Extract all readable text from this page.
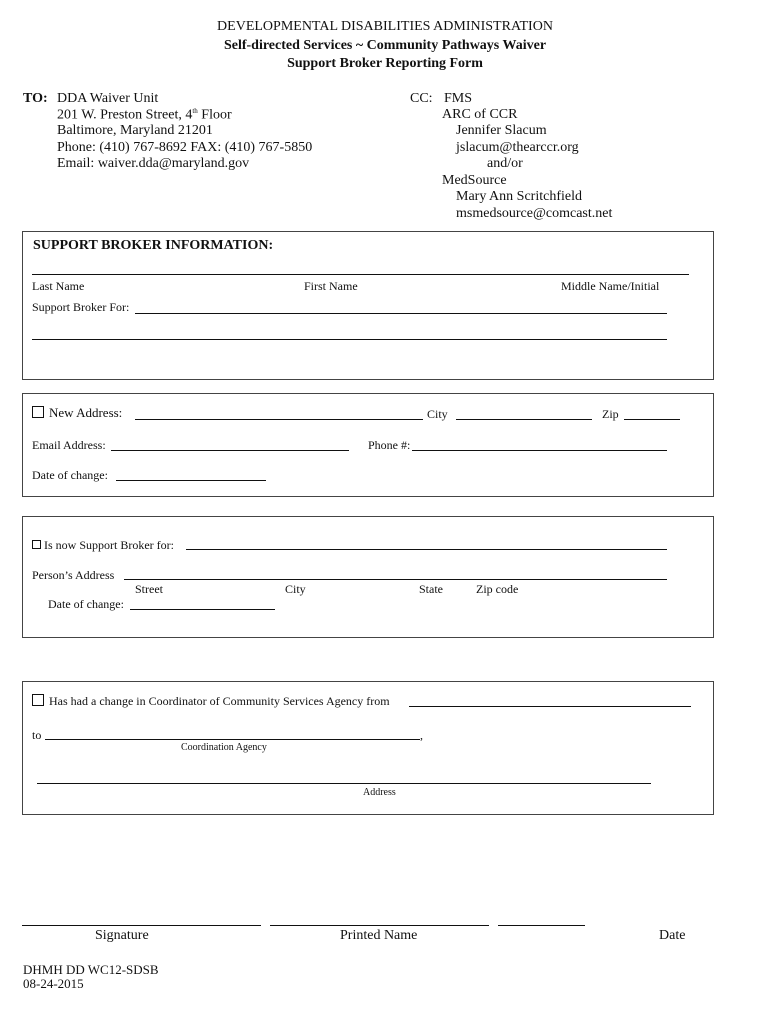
DEVELOPMENTAL DISABILITIES ADMINISTRATION
Self-directed Services ~ Community Pathways Waiver
Support Broker Reporting Form
TO: DDA Waiver Unit
201 W. Preston Street, 4th Floor
Baltimore, Maryland 21201
Phone: (410) 767-8692 FAX: (410) 767-5850
Email: waiver.dda@maryland.gov
CC: FMS
ARC of CCR
Jennifer Slacum
jslacum@thearccr.org
and/or
MedSource
Mary Ann Scritchfield
msmedsource@comcast.net
SUPPORT BROKER INFORMATION:
Last Name	First Name	Middle Name/Initial
Support Broker For:
New Address:	City	Zip
Email Address:	Phone #:
Date of change:
Is now Support Broker for:
Person’s Address
Street	City	State	Zip code
Date of change:
Has had a change in Coordinator of Community Services Agency from
to	,
Coordination Agency
Address
Signature	Printed Name	Date
DHMH DD WC12-SDSB
08-24-2015
